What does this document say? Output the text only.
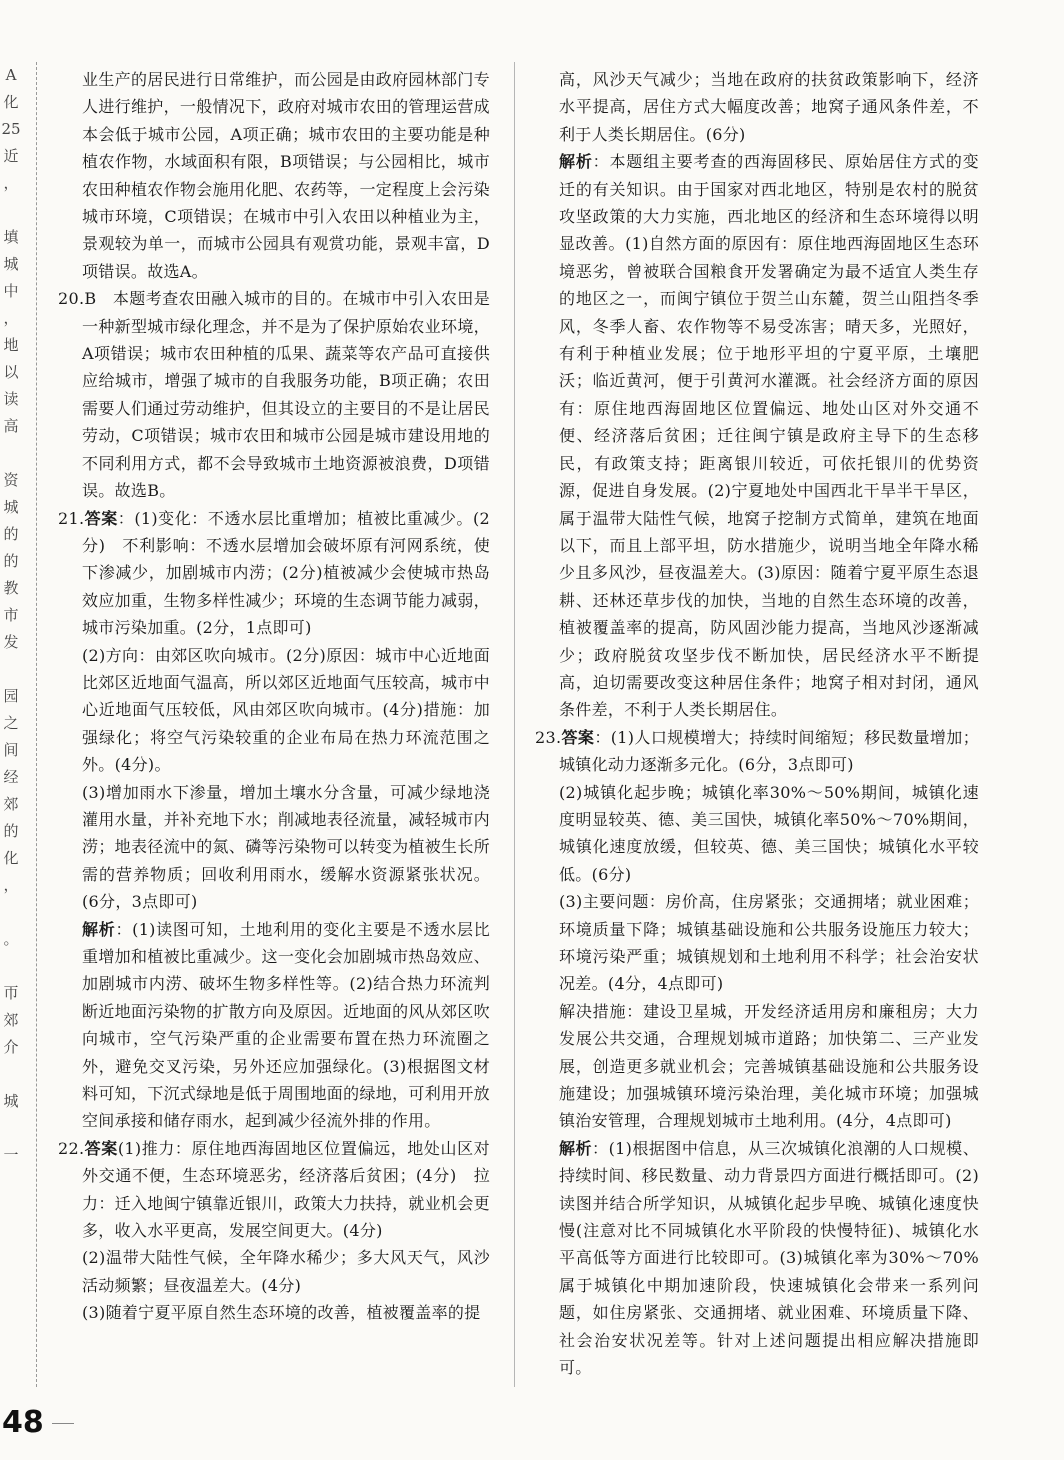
A
化
25
近
，
填
城
中
，
地
以
读
高
资
城
的
的
教
市
发
园
之
间
经
郊
的
化
，
。
帀
郊
介
城
一

业生产的居民进行日常维护，而公园是由政府园林部门专人进行维护，一般情况下，政府对城市农田的管理运营成本会低于城市公园，A项正确；城市农田的主要功能是种植农作物，水域面积有限，B项错误；与公园相比，城市农田种植农作物会施用化肥、农药等，一定程度上会污染城市环境，C项错误；在城市中引入农田以种植业为主，景观较为单一，而城市公园具有观赏功能，景观丰富，D项错误。故选A。

20.B　本题考查农田融入城市的目的。在城市中引入农田是一种新型城市绿化理念，并不是为了保护原始农业环境，A项错误；城市农田种植的瓜果、蔬菜等农产品可直接供应给城市，增强了城市的自我服务功能，B项正确；农田需要人们通过劳动维护，但其设立的主要目的不是让居民劳动，C项错误；城市农田和城市公园是城市建设用地的不同利用方式，都不会导致城市土地资源被浪费，D项错误。故选B。

21.答案：(1)变化：不透水层比重增加；植被比重减少。(2分)　不利影响：不透水层增加会破坏原有河网系统，使下渗减少，加剧城市内涝；(2分)植被减少会使城市热岛效应加重，生物多样性减少；环境的生态调节能力减弱，城市污染加重。(2分，1点即可)

(2)方向：由郊区吹向城市。(2分)原因：城市中心近地面比郊区近地面气温高，所以郊区近地面气压较高，城市中心近地面气压较低，风由郊区吹向城市。(4分)措施：加强绿化；将空气污染较重的企业布局在热力环流范围之外。(4分)。

(3)增加雨水下渗量，增加土壤水分含量，可减少绿地浇灌用水量，并补充地下水；削减地表径流量，减轻城市内涝；地表径流中的氮、磷等污染物可以转变为植被生长所需的营养物质；回收利用雨水，缓解水资源紧张状况。(6分，3点即可)

解析：(1)读图可知，土地利用的变化主要是不透水层比重增加和植被比重减少。这一变化会加剧城市热岛效应、加剧城市内涝、破坏生物多样性等。(2)结合热力环流判断近地面污染物的扩散方向及原因。近地面的风从郊区吹向城市，空气污染严重的企业需要布置在热力环流圈之外，避免交叉污染，另外还应加强绿化。(3)根据图文材料可知，下沉式绿地是低于周围地面的绿地，可利用开放空间承接和储存雨水，起到减少径流外排的作用。

22.答案(1)推力：原住地西海固地区位置偏远，地处山区对外交通不便，生态环境恶劣，经济落后贫困；(4分)　拉力：迁入地闽宁镇靠近银川，政策大力扶持，就业机会更多，收入水平更高，发展空间更大。(4分)

(2)温带大陆性气候，全年降水稀少；多大风天气，风沙活动频繁；昼夜温差大。(4分)

(3)随着宁夏平原自然生态环境的改善，植被覆盖率的提

高，风沙天气减少；当地在政府的扶贫政策影响下，经济水平提高，居住方式大幅度改善；地窝子通风条件差，不利于人类长期居住。(6分)

解析：本题组主要考查的西海固移民、原始居住方式的变迁的有关知识。由于国家对西北地区，特别是农村的脱贫攻坚政策的大力实施，西北地区的经济和生态环境得以明显改善。(1)自然方面的原因有：原住地西海固地区生态环境恶劣，曾被联合国粮食开发署确定为最不适宜人类生存的地区之一，而闽宁镇位于贺兰山东麓，贺兰山阻挡冬季风，冬季人畜、农作物等不易受冻害；晴天多，光照好，有利于种植业发展；位于地形平坦的宁夏平原，土壤肥沃；临近黄河，便于引黄河水灌溉。社会经济方面的原因有：原住地西海固地区位置偏远、地处山区对外交通不便、经济落后贫困；迁往闽宁镇是政府主导下的生态移民，有政策支持；距离银川较近，可依托银川的优势资源，促进自身发展。(2)宁夏地处中国西北干旱半干旱区，属于温带大陆性气候，地窝子挖制方式简单，建筑在地面以下，而且上部平坦，防水措施少，说明当地全年降水稀少且多风沙，昼夜温差大。(3)原因：随着宁夏平原生态退耕、还林还草步伐的加快，当地的自然生态环境的改善，植被覆盖率的提高，防风固沙能力提高，当地风沙逐渐减少；政府脱贫攻坚步伐不断加快，居民经济水平不断提高，迫切需要改变这种居住条件；地窝子相对封闭，通风条件差，不利于人类长期居住。

23.答案：(1)人口规模增大；持续时间缩短；移民数量增加；城镇化动力逐渐多元化。(6分，3点即可)

(2)城镇化起步晚；城镇化率30%～50%期间，城镇化速度明显较英、德、美三国快，城镇化率50%～70%期间，城镇化速度放缓，但较英、德、美三国快；城镇化水平较低。(6分)

(3)主要问题：房价高，住房紧张；交通拥堵；就业困难；环境质量下降；城镇基础设施和公共服务设施压力较大；环境污染严重；城镇规划和土地利用不科学；社会治安状况差。(4分，4点即可)

解决措施：建设卫星城，开发经济适用房和廉租房；大力发展公共交通，合理规划城市道路；加快第二、三产业发展，创造更多就业机会；完善城镇基础设施和公共服务设施建设；加强城镇环境污染治理，美化城市环境；加强城镇治安管理，合理规划城市土地利用。(4分，4点即可)

解析：(1)根据图中信息，从三次城镇化浪潮的人口规模、持续时间、移民数量、动力背景四方面进行概括即可。(2)读图并结合所学知识，从城镇化起步早晚、城镇化速度快慢(注意对比不同城镇化水平阶段的快慢特征)、城镇化水平高低等方面进行比较即可。(3)城镇化率为30%～70%属于城镇化中期加速阶段，快速城镇化会带来一系列问题，如住房紧张、交通拥堵、就业困难、环境质量下降、社会治安状况差等。针对上述问题提出相应解决措施即可。

48
